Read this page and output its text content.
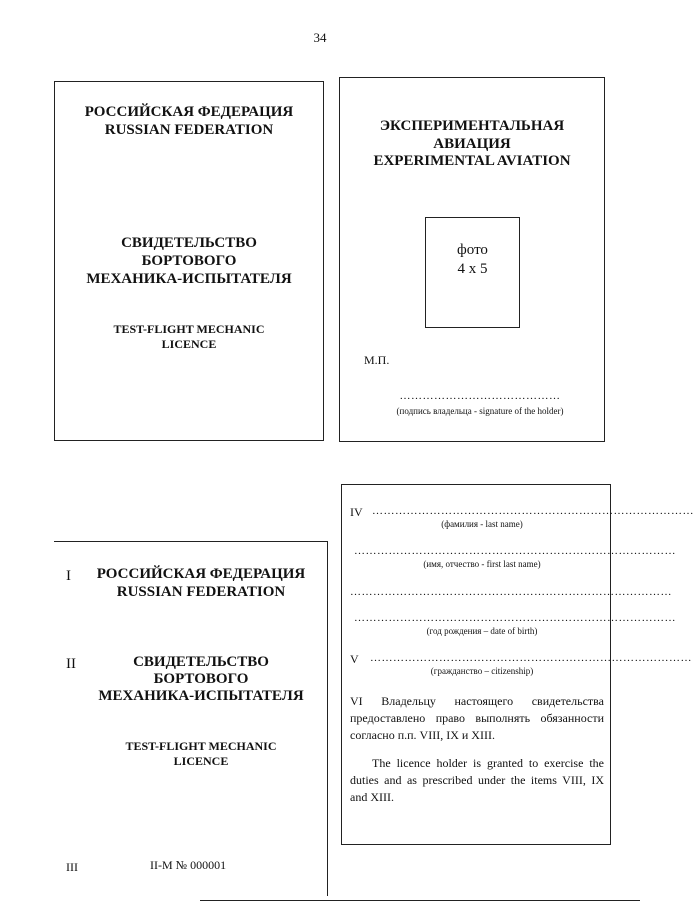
34
РОССИЙСКАЯ ФЕДЕРАЦИЯ
RUSSIAN FEDERATION
СВИДЕТЕЛЬСТВО
БОРТОВОГО
МЕХАНИКА-ИСПЫТАТЕЛЯ
TEST-FLIGHT MECHANIC
LICENCE
ЭКСПЕРИМЕНТАЛЬНАЯ
АВИАЦИЯ
EXPERIMENTAL AVIATION
фото
4 x 5
М.П.
……………………………………
(подпись владельца - signature of the holder)
I	РОССИЙСКАЯ ФЕДЕРАЦИЯ
RUSSIAN FEDERATION
II	СВИДЕТЕЛЬСТВО
БОРТОВОГО
МЕХАНИКА-ИСПЫТАТЕЛЯ
TEST-FLIGHT MECHANIC
LICENCE
III	II-M № 000001
IV …………………………………………………………………………
(фамилия - last name)
…………………………………………………………………………
(имя, отчество - first last name)
…………………………………………………………………………
…………………………………………………………………………
(год рождения – date of birth)
V …………………………………………………………………………
(гражданство – citizenship)
VI Владельцу настоящего свидетельства предоставлено право выполнять обязанности согласно п.п. VIII, IX и XIII.
The licence holder is granted to exercise the duties and as prescribed under the items VIII, IX and XIII.
